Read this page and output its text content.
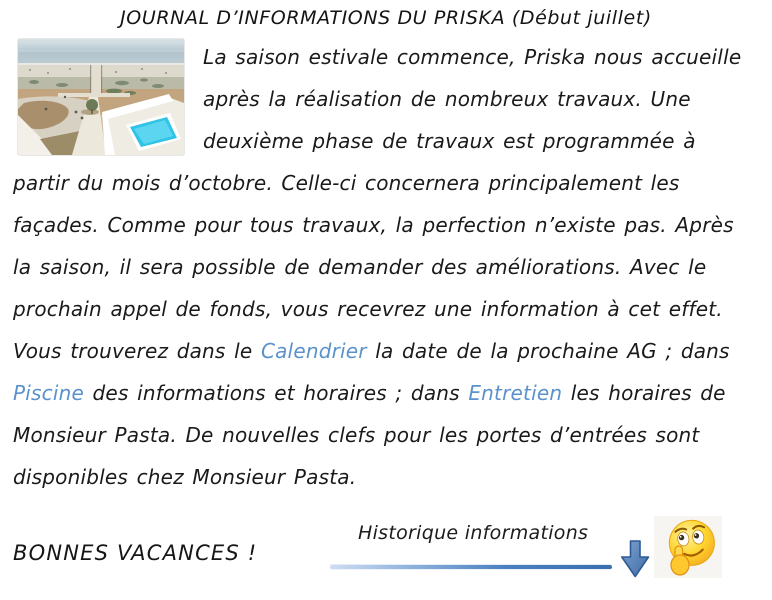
JOURNAL D’INFORMATIONS DU PRISKA (Début juillet)
La saison estivale commence, Priska nous accueille après la réalisation de nombreux travaux. Une deuxième phase de travaux est programmée à partir du mois d’octobre. Celle-ci concernera principalement les façades. Comme pour tous travaux, la perfection n’existe pas. Après la saison, il sera possible de demander des améliorations. Avec le prochain appel de fonds, vous recevrez une information à cet effet. Vous trouverez dans le Calendrier la date de la prochaine AG ; dans Piscine des informations et horaires ; dans Entretien les horaires de Monsieur Pasta. De nouvelles clefs pour les portes d’entrées sont disponibles chez Monsieur Pasta.
BONNES VACANCES !
Historique informations
